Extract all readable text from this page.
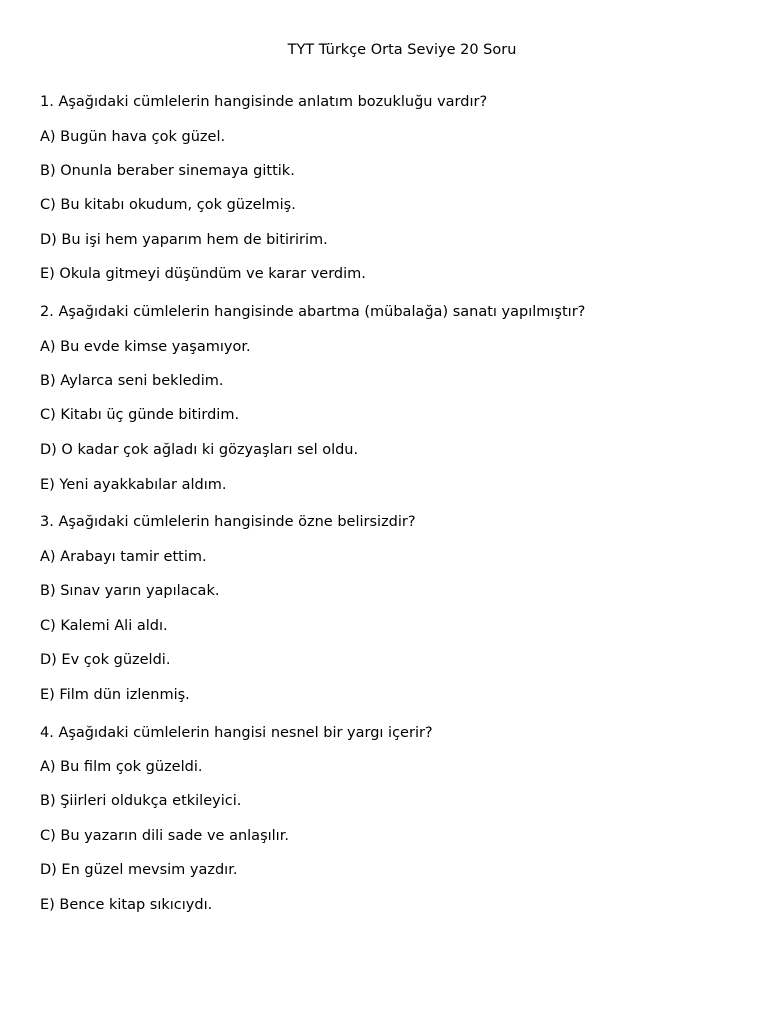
TYT Türkçe Orta Seviye 20 Soru
1. Aşağıdaki cümlelerin hangisinde anlatım bozukluğu vardır?
A) Bugün hava çok güzel.
B) Onunla beraber sinemaya gittik.
C) Bu kitabı okudum, çok güzelmiş.
D) Bu işi hem yaparım hem de bitiririm.
E) Okula gitmeyi düşündüm ve karar verdim.
2. Aşağıdaki cümlelerin hangisinde abartma (mübalağa) sanatı yapılmıştır?
A) Bu evde kimse yaşamıyor.
B) Aylarca seni bekledim.
C) Kitabı üç günde bitirdim.
D) O kadar çok ağladı ki gözyaşları sel oldu.
E) Yeni ayakkabılar aldım.
3. Aşağıdaki cümlelerin hangisinde özne belirsizdir?
A) Arabayı tamir ettim.
B) Sınav yarın yapılacak.
C) Kalemi Ali aldı.
D) Ev çok güzeldi.
E) Film dün izlenmiş.
4. Aşağıdaki cümlelerin hangisi nesnel bir yargı içerir?
A) Bu film çok güzeldi.
B) Şiirleri oldukça etkileyici.
C) Bu yazarın dili sade ve anlaşılır.
D) En güzel mevsim yazdır.
E) Bence kitap sıkıcıydı.
